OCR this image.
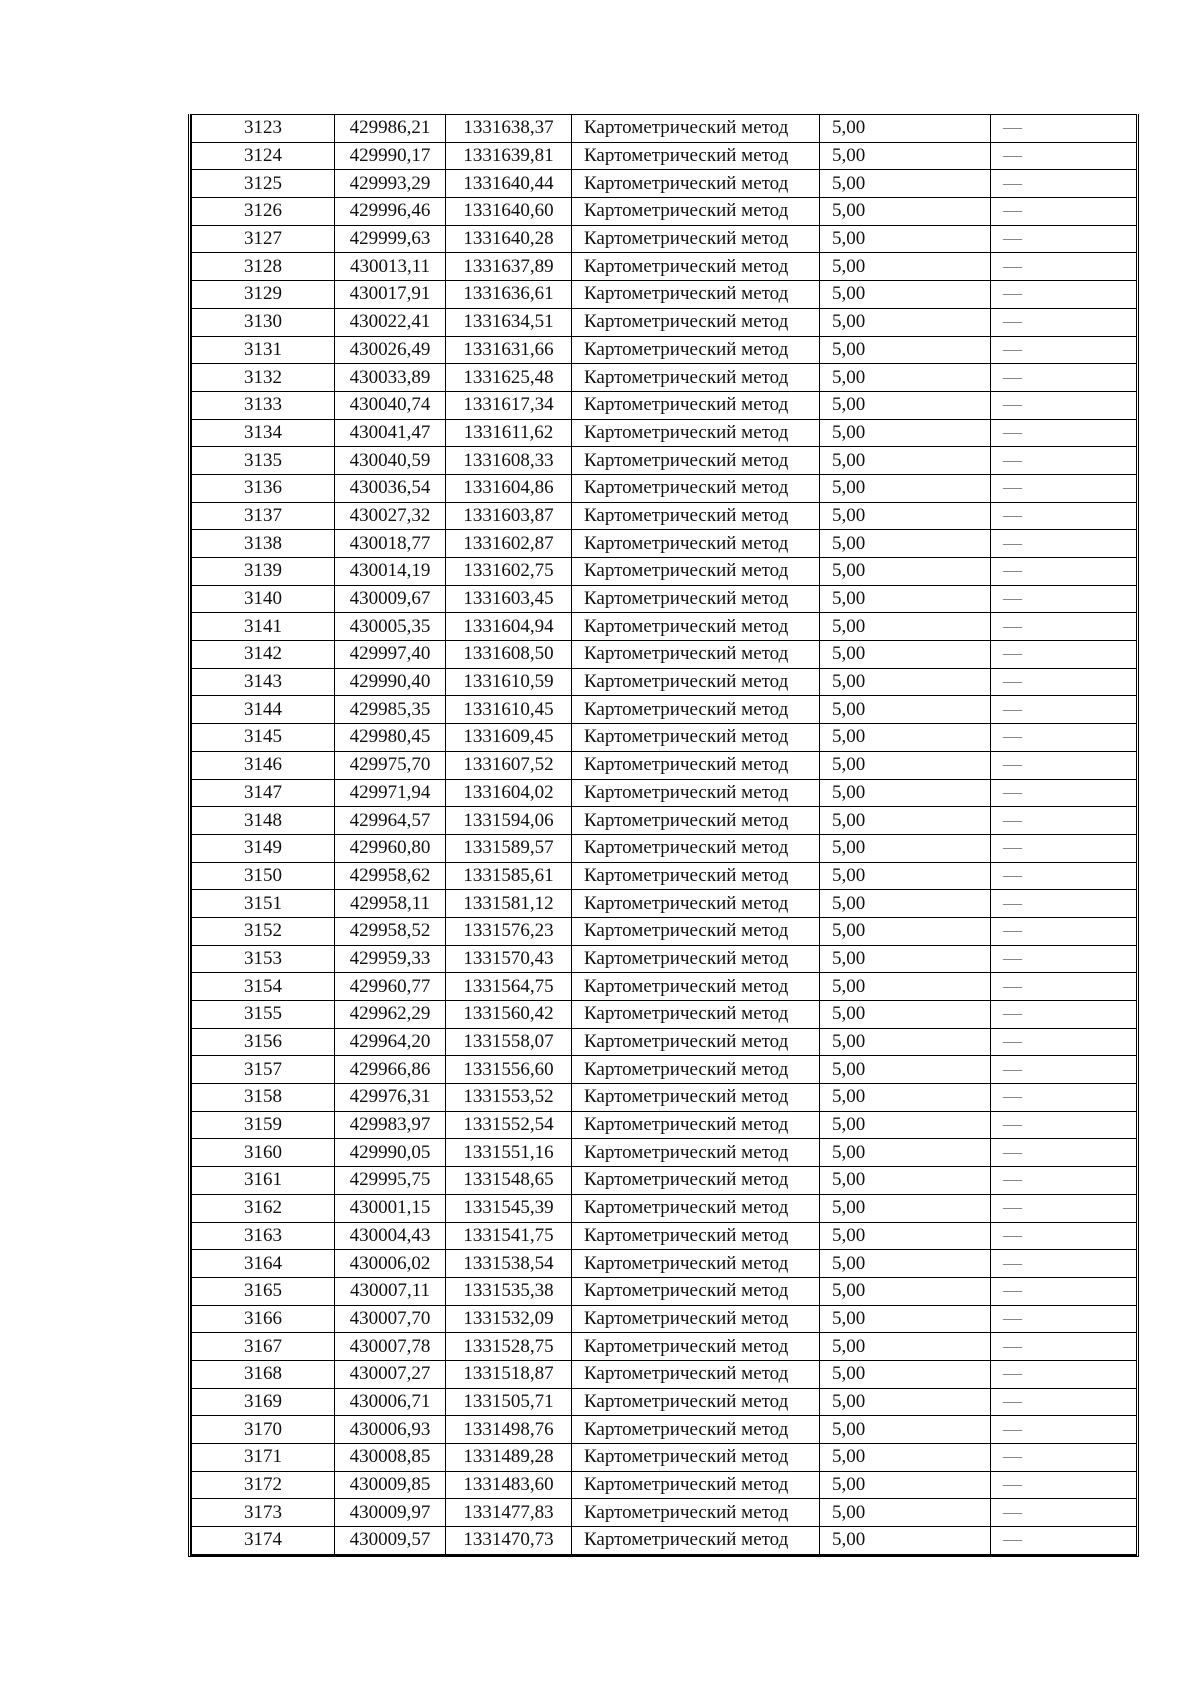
3123	429986,21	1331638,37	Картометрический метод	5,00	—
3124	429990,17	1331639,81	Картометрический метод	5,00	—
3125	429993,29	1331640,44	Картометрический метод	5,00	—
3126	429996,46	1331640,60	Картометрический метод	5,00	—
3127	429999,63	1331640,28	Картометрический метод	5,00	—
3128	430013,11	1331637,89	Картометрический метод	5,00	—
3129	430017,91	1331636,61	Картометрический метод	5,00	—
3130	430022,41	1331634,51	Картометрический метод	5,00	—
3131	430026,49	1331631,66	Картометрический метод	5,00	—
3132	430033,89	1331625,48	Картометрический метод	5,00	—
3133	430040,74	1331617,34	Картометрический метод	5,00	—
3134	430041,47	1331611,62	Картометрический метод	5,00	—
3135	430040,59	1331608,33	Картометрический метод	5,00	—
3136	430036,54	1331604,86	Картометрический метод	5,00	—
3137	430027,32	1331603,87	Картометрический метод	5,00	—
3138	430018,77	1331602,87	Картометрический метод	5,00	—
3139	430014,19	1331602,75	Картометрический метод	5,00	—
3140	430009,67	1331603,45	Картометрический метод	5,00	—
3141	430005,35	1331604,94	Картометрический метод	5,00	—
3142	429997,40	1331608,50	Картометрический метод	5,00	—
3143	429990,40	1331610,59	Картометрический метод	5,00	—
3144	429985,35	1331610,45	Картометрический метод	5,00	—
3145	429980,45	1331609,45	Картометрический метод	5,00	—
3146	429975,70	1331607,52	Картометрический метод	5,00	—
3147	429971,94	1331604,02	Картометрический метод	5,00	—
3148	429964,57	1331594,06	Картометрический метод	5,00	—
3149	429960,80	1331589,57	Картометрический метод	5,00	—
3150	429958,62	1331585,61	Картометрический метод	5,00	—
3151	429958,11	1331581,12	Картометрический метод	5,00	—
3152	429958,52	1331576,23	Картометрический метод	5,00	—
3153	429959,33	1331570,43	Картометрический метод	5,00	—
3154	429960,77	1331564,75	Картометрический метод	5,00	—
3155	429962,29	1331560,42	Картометрический метод	5,00	—
3156	429964,20	1331558,07	Картометрический метод	5,00	—
3157	429966,86	1331556,60	Картометрический метод	5,00	—
3158	429976,31	1331553,52	Картометрический метод	5,00	—
3159	429983,97	1331552,54	Картометрический метод	5,00	—
3160	429990,05	1331551,16	Картометрический метод	5,00	—
3161	429995,75	1331548,65	Картометрический метод	5,00	—
3162	430001,15	1331545,39	Картометрический метод	5,00	—
3163	430004,43	1331541,75	Картометрический метод	5,00	—
3164	430006,02	1331538,54	Картометрический метод	5,00	—
3165	430007,11	1331535,38	Картометрический метод	5,00	—
3166	430007,70	1331532,09	Картометрический метод	5,00	—
3167	430007,78	1331528,75	Картометрический метод	5,00	—
3168	430007,27	1331518,87	Картометрический метод	5,00	—
3169	430006,71	1331505,71	Картометрический метод	5,00	—
3170	430006,93	1331498,76	Картометрический метод	5,00	—
3171	430008,85	1331489,28	Картометрический метод	5,00	—
3172	430009,85	1331483,60	Картометрический метод	5,00	—
3173	430009,97	1331477,83	Картометрический метод	5,00	—
3174	430009,57	1331470,73	Картометрический метод	5,00	—
